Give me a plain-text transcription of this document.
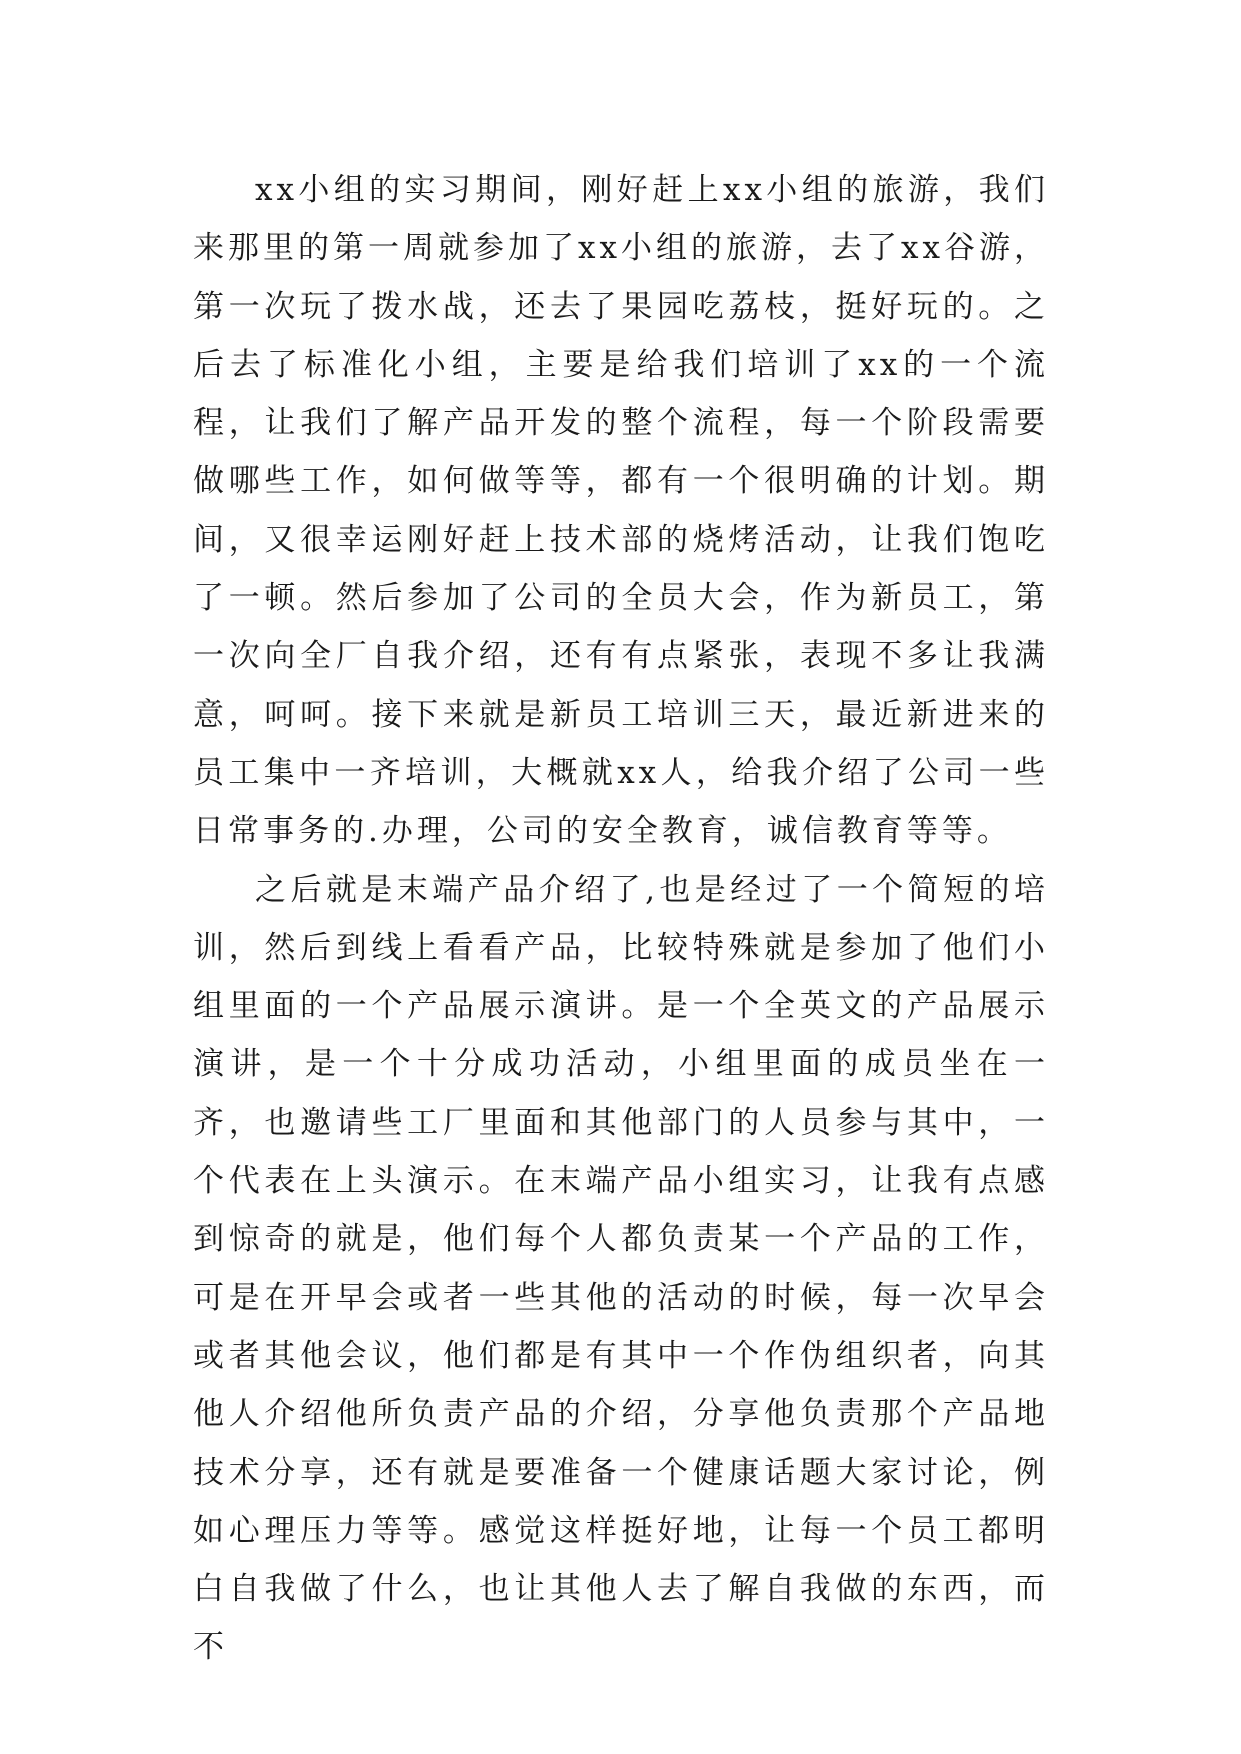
xx小组的实习期间，刚好赶上xx小组的旅游，我们来那里的第一周就参加了xx小组的旅游，去了xx谷游，第一次玩了拨水战，还去了果园吃荔枝，挺好玩的。之后去了标准化小组，主要是给我们培训了xx的一个流程，让我们了解产品开发的整个流程，每一个阶段需要做哪些工作，如何做等等，都有一个很明确的计划。期间，又很幸运刚好赶上技术部的烧烤活动，让我们饱吃了一顿。然后参加了公司的全员大会，作为新员工，第一次向全厂自我介绍，还有有点紧张，表现不多让我满意，呵呵。接下来就是新员工培训三天，最近新进来的员工集中一齐培训，大概就xx人，给我介绍了公司一些日常事务的.办理，公司的安全教育，诚信教育等等。

之后就是末端产品介绍了,也是经过了一个简短的培训，然后到线上看看产品，比较特殊就是参加了他们小组里面的一个产品展示演讲。是一个全英文的产品展示演讲，是一个十分成功活动，小组里面的成员坐在一齐，也邀请些工厂里面和其他部门的人员参与其中，一个代表在上头演示。在末端产品小组实习，让我有点感到惊奇的就是，他们每个人都负责某一个产品的工作，可是在开早会或者一些其他的活动的时候，每一次早会或者其他会议，他们都是有其中一个作伪组织者，向其他人介绍他所负责产品的介绍，分享他负责那个产品地技术分享，还有就是要准备一个健康话题大家讨论，例如心理压力等等。感觉这样挺好地，让每一个员工都明白自我做了什么，也让其他人去了解自我做的东西，而不
